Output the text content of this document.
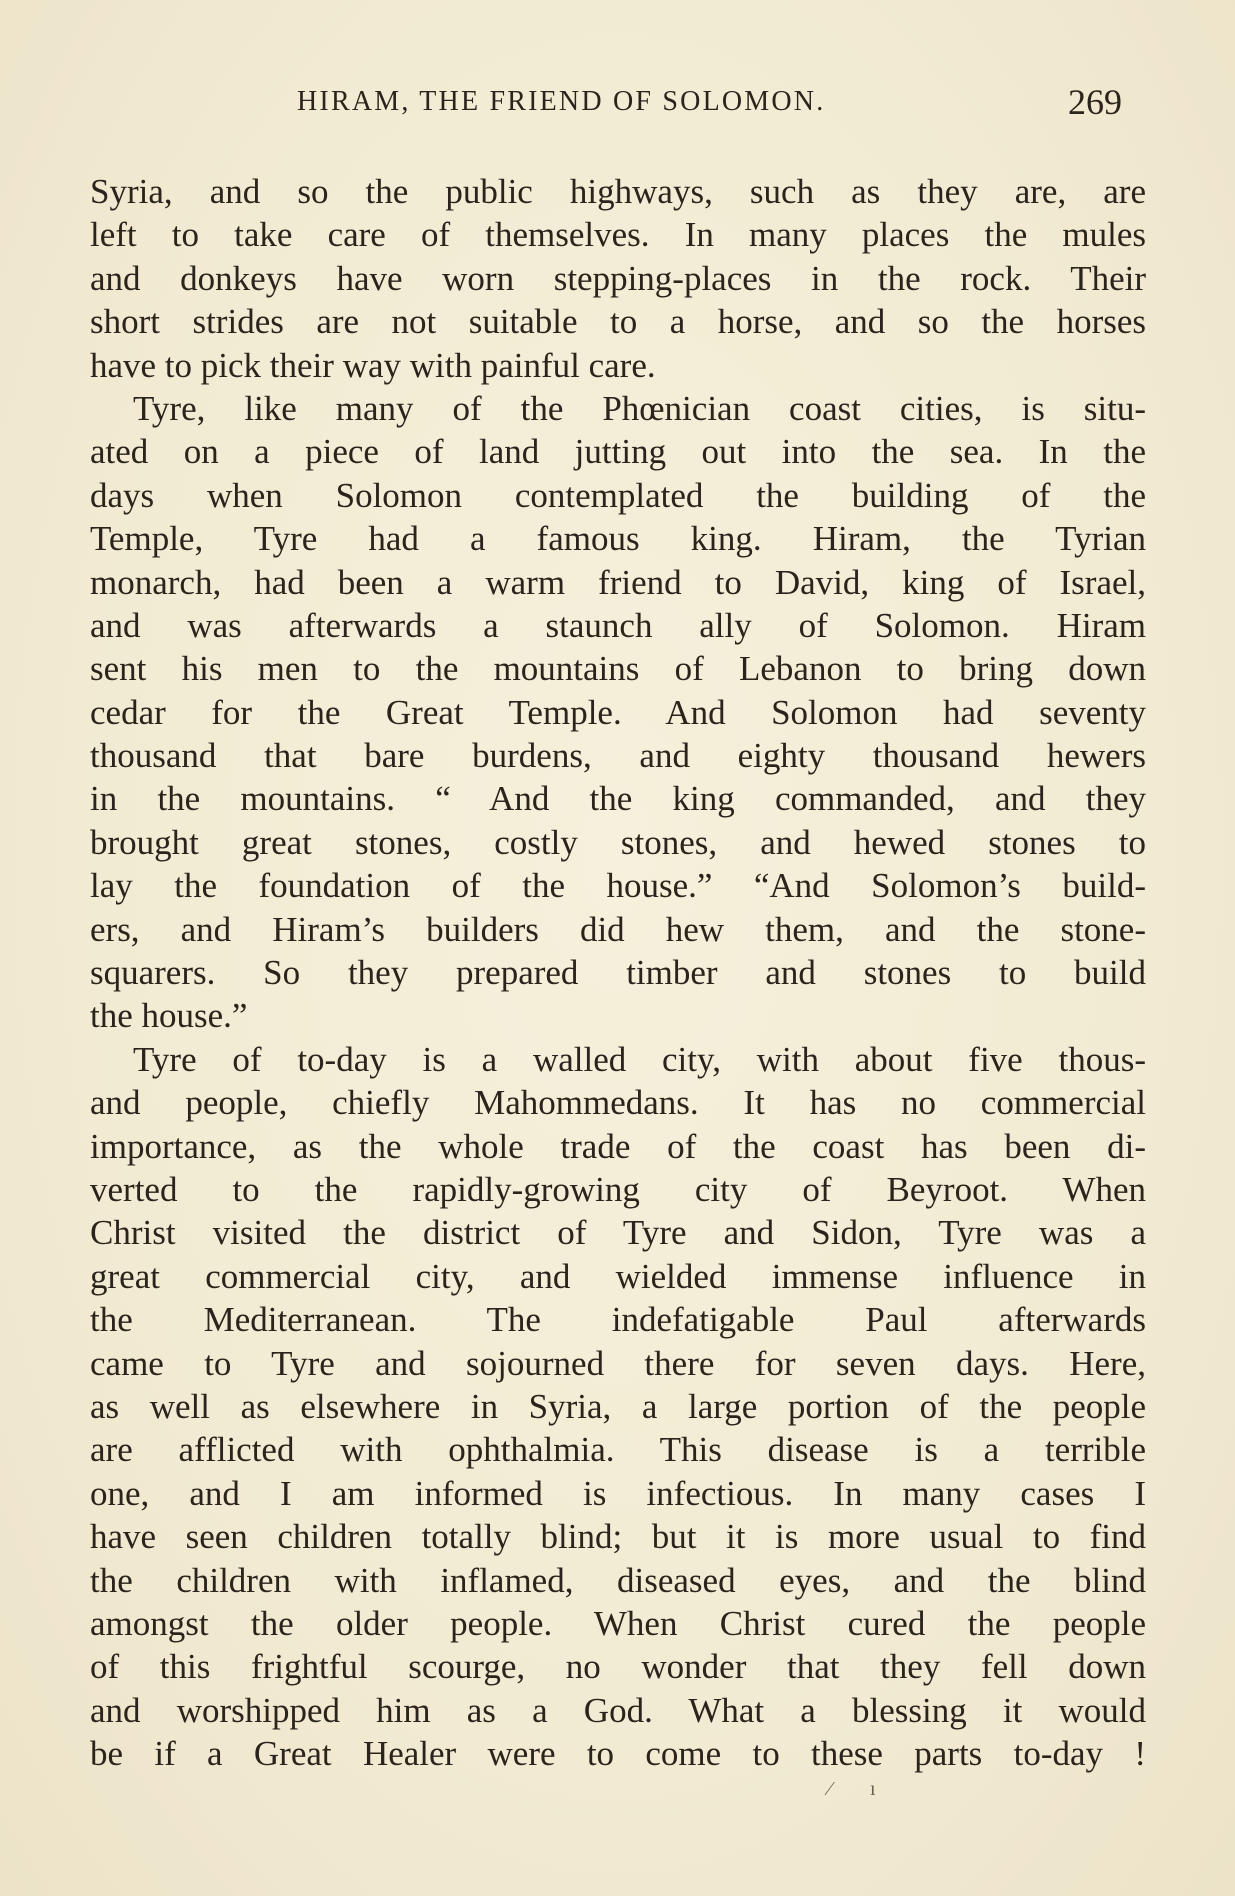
HIRAM, THE FRIEND OF SOLOMON.	269
Syria, and so the public highways, such as they are, are
left to take care of themselves. In many places the mules
and donkeys have worn stepping-places in the rock. Their
short strides are not suitable to a horse, and so the horses
have to pick their way with painful care.
Tyre, like many of the Phœnician coast cities, is situ-
ated on a piece of land jutting out into the sea. In the
days when Solomon contemplated the building of the
Temple, Tyre had a famous king. Hiram, the Tyrian
monarch, had been a warm friend to David, king of Israel,
and was afterwards a staunch ally of Solomon. Hiram
sent his men to the mountains of Lebanon to bring down
cedar for the Great Temple. And Solomon had seventy
thousand that bare burdens, and eighty thousand hewers
in the mountains. “ And the king commanded, and they
brought great stones, costly stones, and hewed stones to
lay the foundation of the house.” “And Solomon’s build-
ers, and Hiram’s builders did hew them, and the stone-
squarers. So they prepared timber and stones to build
the house.”
Tyre of to-day is a walled city, with about five thous-
and people, chiefly Mahommedans. It has no commercial
importance, as the whole trade of the coast has been di-
verted to the rapidly-growing city of Beyroot. When
Christ visited the district of Tyre and Sidon, Tyre was a
great commercial city, and wielded immense influence in
the Mediterranean. The indefatigable Paul afterwards
came to Tyre and sojourned there for seven days. Here,
as well as elsewhere in Syria, a large portion of the people
are afflicted with ophthalmia. This disease is a terrible
one, and I am informed is infectious. In many cases I
have seen children totally blind; but it is more usual to find
the children with inflamed, diseased eyes, and the blind
amongst the older people. When Christ cured the people
of this frightful scourge, no wonder that they fell down
and worshipped him as a God. What a blessing it would
be if a Great Healer were to come to these parts to-day !
⁄ ı
